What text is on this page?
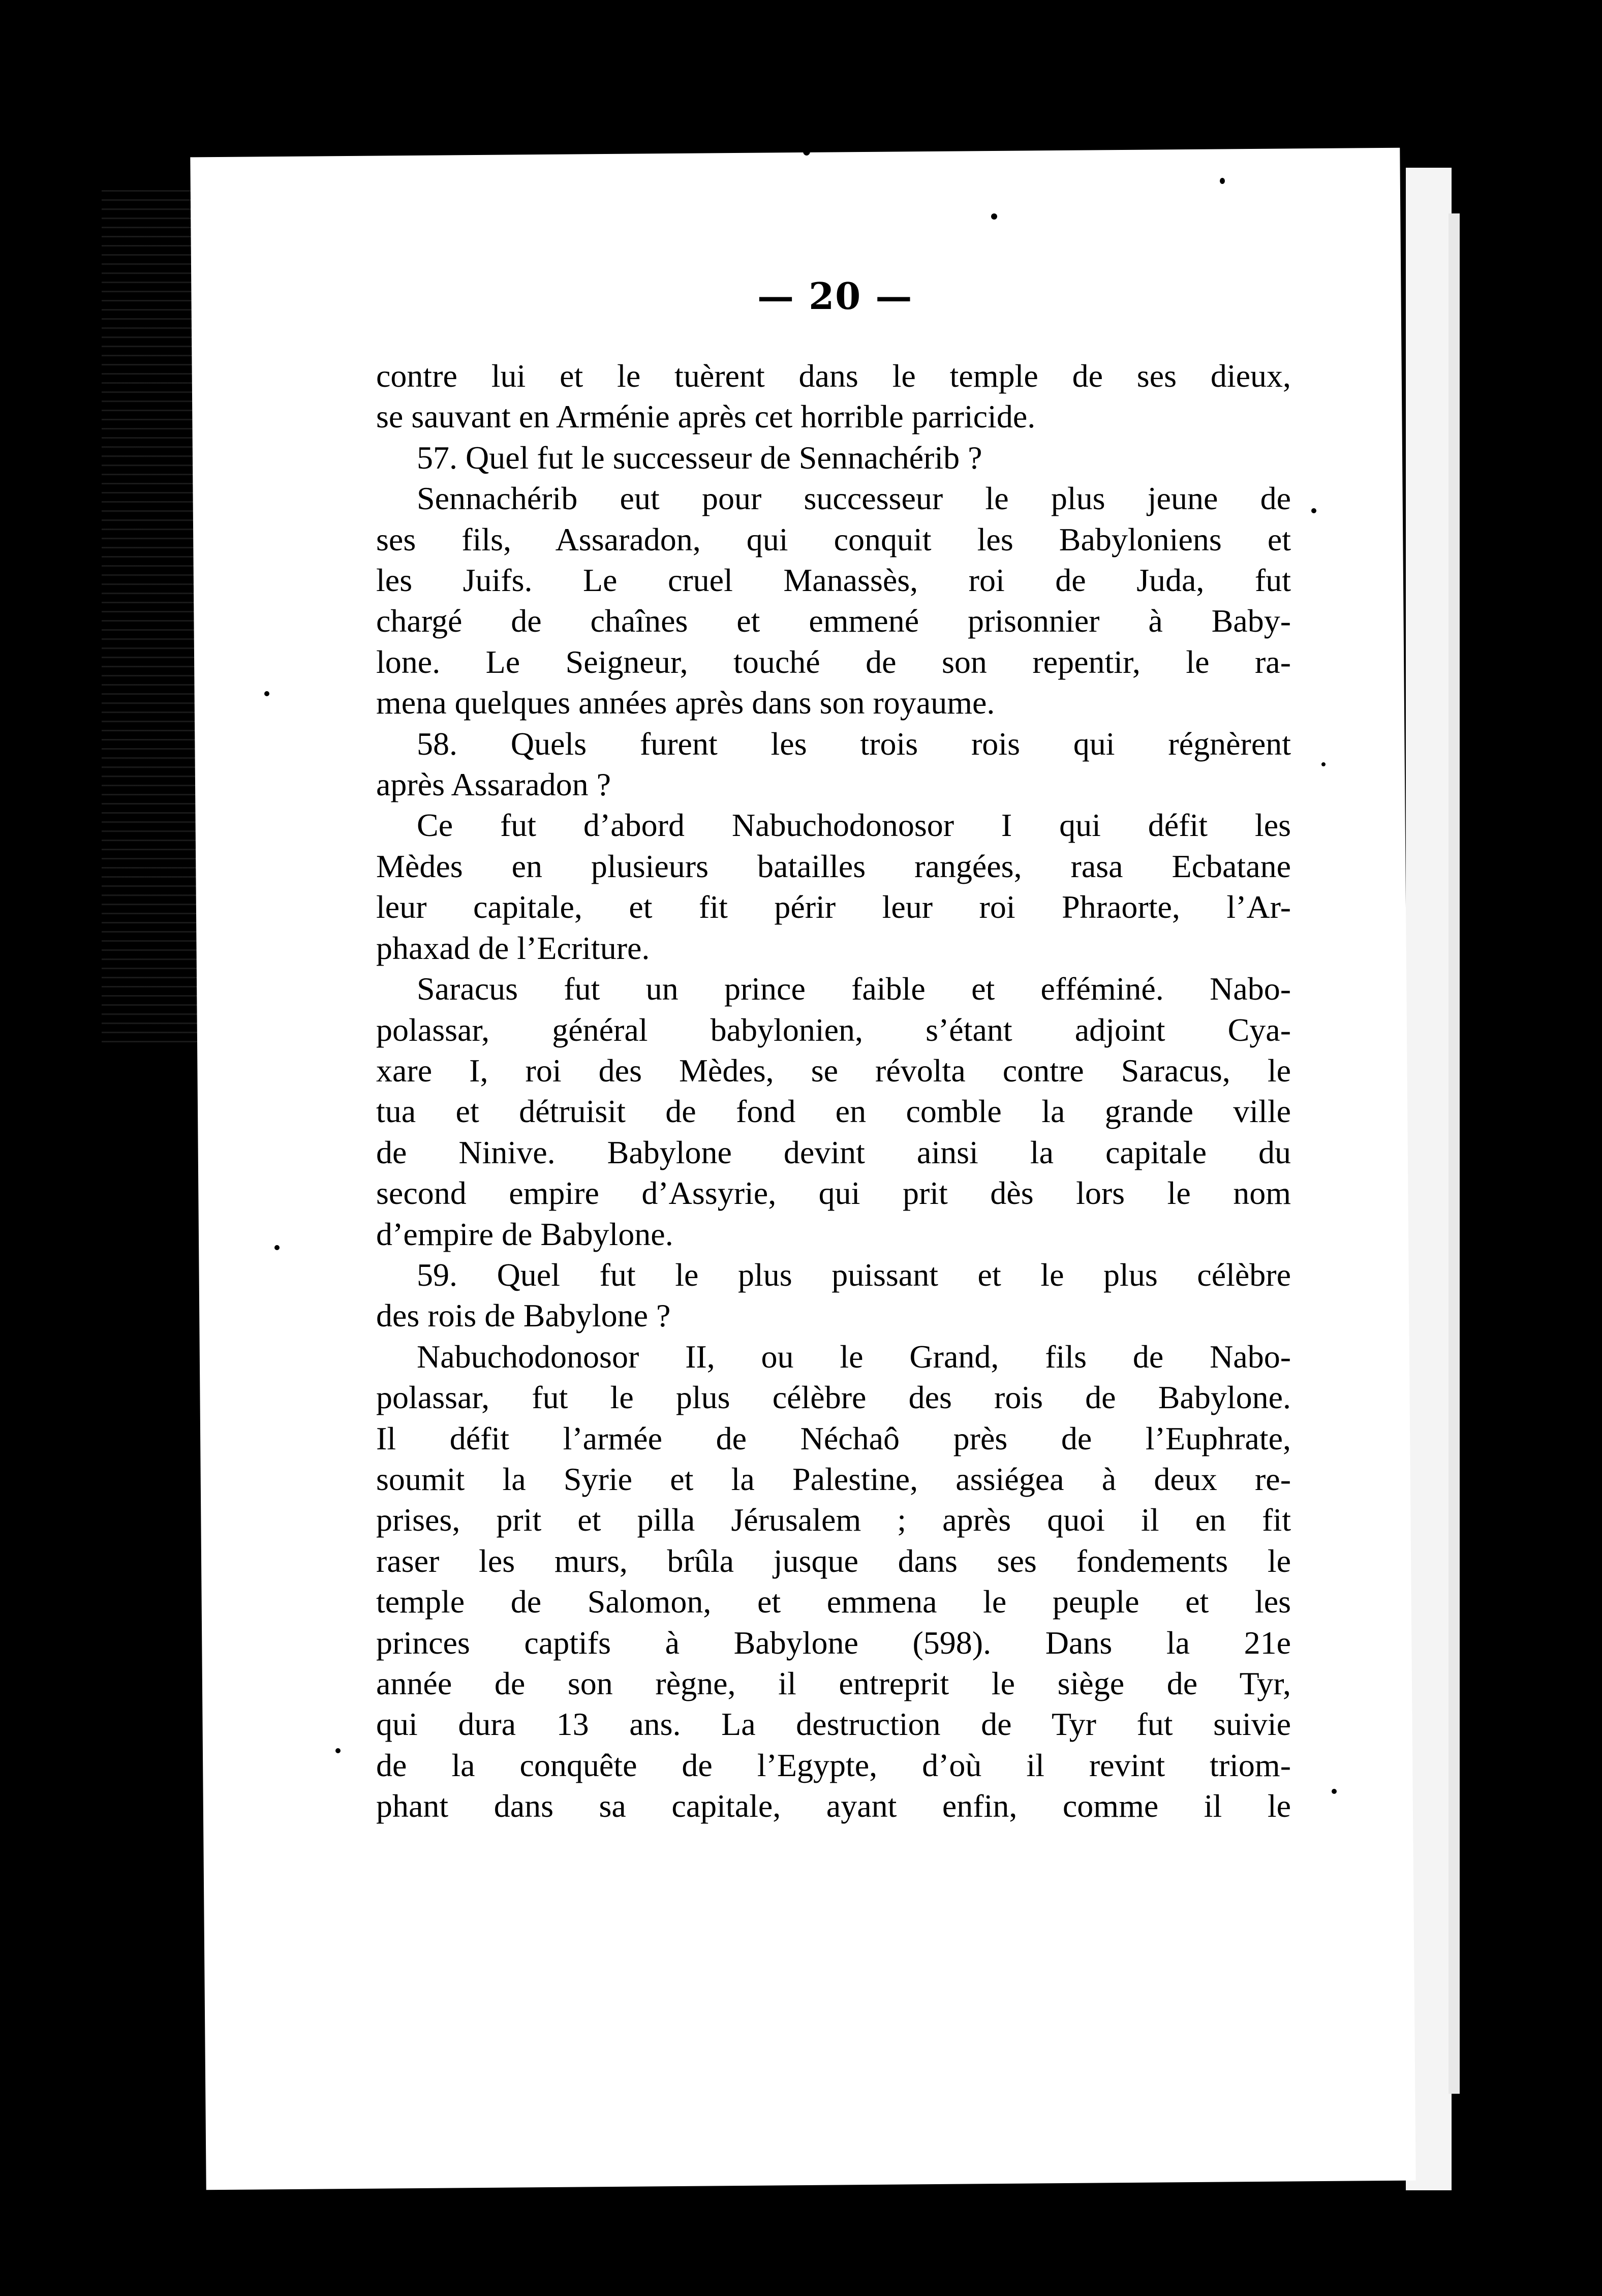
— 20 —
contre lui et le tuèrent dans le temple de ses dieux,
se sauvant en Arménie après cet horrible parricide.
57. Quel fut le successeur de Sennachérib ?
Sennachérib eut pour successeur le plus jeune de
ses fils, Assaradon, qui conquit les Babyloniens et
les Juifs. Le cruel Manassès, roi de Juda, fut
chargé de chaînes et emmené prisonnier à Baby-
lone. Le Seigneur, touché de son repentir, le ra-
mena quelques années après dans son royaume.
58. Quels furent les trois rois qui régnèrent
après Assaradon ?
Ce fut d’abord Nabuchodonosor I qui défit les
Mèdes en plusieurs batailles rangées, rasa Ecbatane
leur capitale, et fit périr leur roi Phraorte, l’Ar-
phaxad de l’Ecriture.
Saracus fut un prince faible et efféminé. Nabo-
polassar, général babylonien, s’étant adjoint Cya-
xare I, roi des Mèdes, se révolta contre Saracus, le
tua et détruisit de fond en comble la grande ville
de Ninive. Babylone devint ainsi la capitale du
second empire d’Assyrie, qui prit dès lors le nom
d’empire de Babylone.
59. Quel fut le plus puissant et le plus célèbre
des rois de Babylone ?
Nabuchodonosor II, ou le Grand, fils de Nabo-
polassar, fut le plus célèbre des rois de Babylone.
Il défit l’armée de Néchaô près de l’Euphrate,
soumit la Syrie et la Palestine, assiégea à deux re-
prises, prit et pilla Jérusalem ; après quoi il en fit
raser les murs, brûla jusque dans ses fondements le
temple de Salomon, et emmena le peuple et les
princes captifs à Babylone (598). Dans la 21e
année de son règne, il entreprit le siège de Tyr,
qui dura 13 ans. La destruction de Tyr fut suivie
de la conquête de l’Egypte, d’où il revint triom-
phant dans sa capitale, ayant enfin, comme il le
